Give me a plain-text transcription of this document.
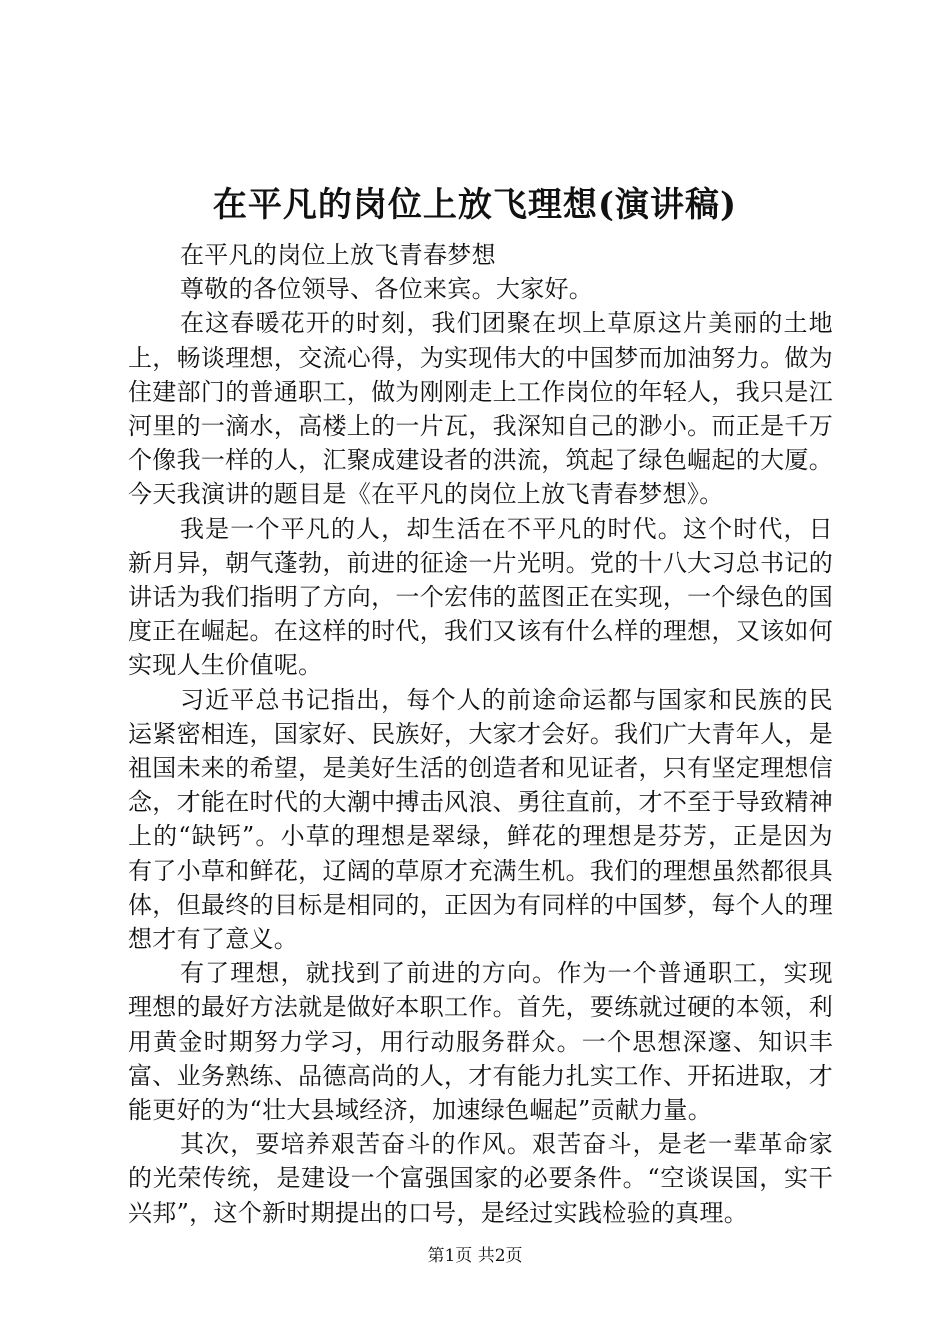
在平凡的岗位上放飞理想(演讲稿)

在平凡的岗位上放飞青春梦想

尊敬的各位领导、各位来宾。大家好。

在这春暖花开的时刻，我们团聚在坝上草原这片美丽的土地上，畅谈理想，交流心得，为实现伟大的中国梦而加油努力。做为住建部门的普通职工，做为刚刚走上工作岗位的年轻人，我只是江河里的一滴水，高楼上的一片瓦，我深知自己的渺小。而正是千万个像我一样的人，汇聚成建设者的洪流，筑起了绿色崛起的大厦。今天我演讲的题目是《在平凡的岗位上放飞青春梦想》。

我是一个平凡的人，却生活在不平凡的时代。这个时代，日新月异，朝气蓬勃，前进的征途一片光明。党的十八大习总书记的讲话为我们指明了方向，一个宏伟的蓝图正在实现，一个绿色的国度正在崛起。在这样的时代，我们又该有什么样的理想，又该如何实现人生价值呢。

习近平总书记指出，每个人的前途命运都与国家和民族的民运紧密相连，国家好、民族好，大家才会好。我们广大青年人，是祖国未来的希望，是美好生活的创造者和见证者，只有坚定理想信念，才能在时代的大潮中搏击风浪、勇往直前，才不至于导致精神上的“缺钙”。小草的理想是翠绿，鲜花的理想是芬芳，正是因为有了小草和鲜花，辽阔的草原才充满生机。我们的理想虽然都很具体，但最终的目标是相同的，正因为有同样的中国梦，每个人的理想才有了意义。

有了理想，就找到了前进的方向。作为一个普通职工，实现理想的最好方法就是做好本职工作。首先，要练就过硬的本领，利用黄金时期努力学习，用行动服务群众。一个思想深邃、知识丰富、业务熟练、品德高尚的人，才有能力扎实工作、开拓进取，才能更好的为“壮大县域经济，加速绿色崛起”贡献力量。

其次，要培养艰苦奋斗的作风。艰苦奋斗，是老一辈革命家的光荣传统，是建设一个富强国家的必要条件。“空谈误国，实干兴邦”，这个新时期提出的口号，是经过实践检验的真理。

第1页 共2页
